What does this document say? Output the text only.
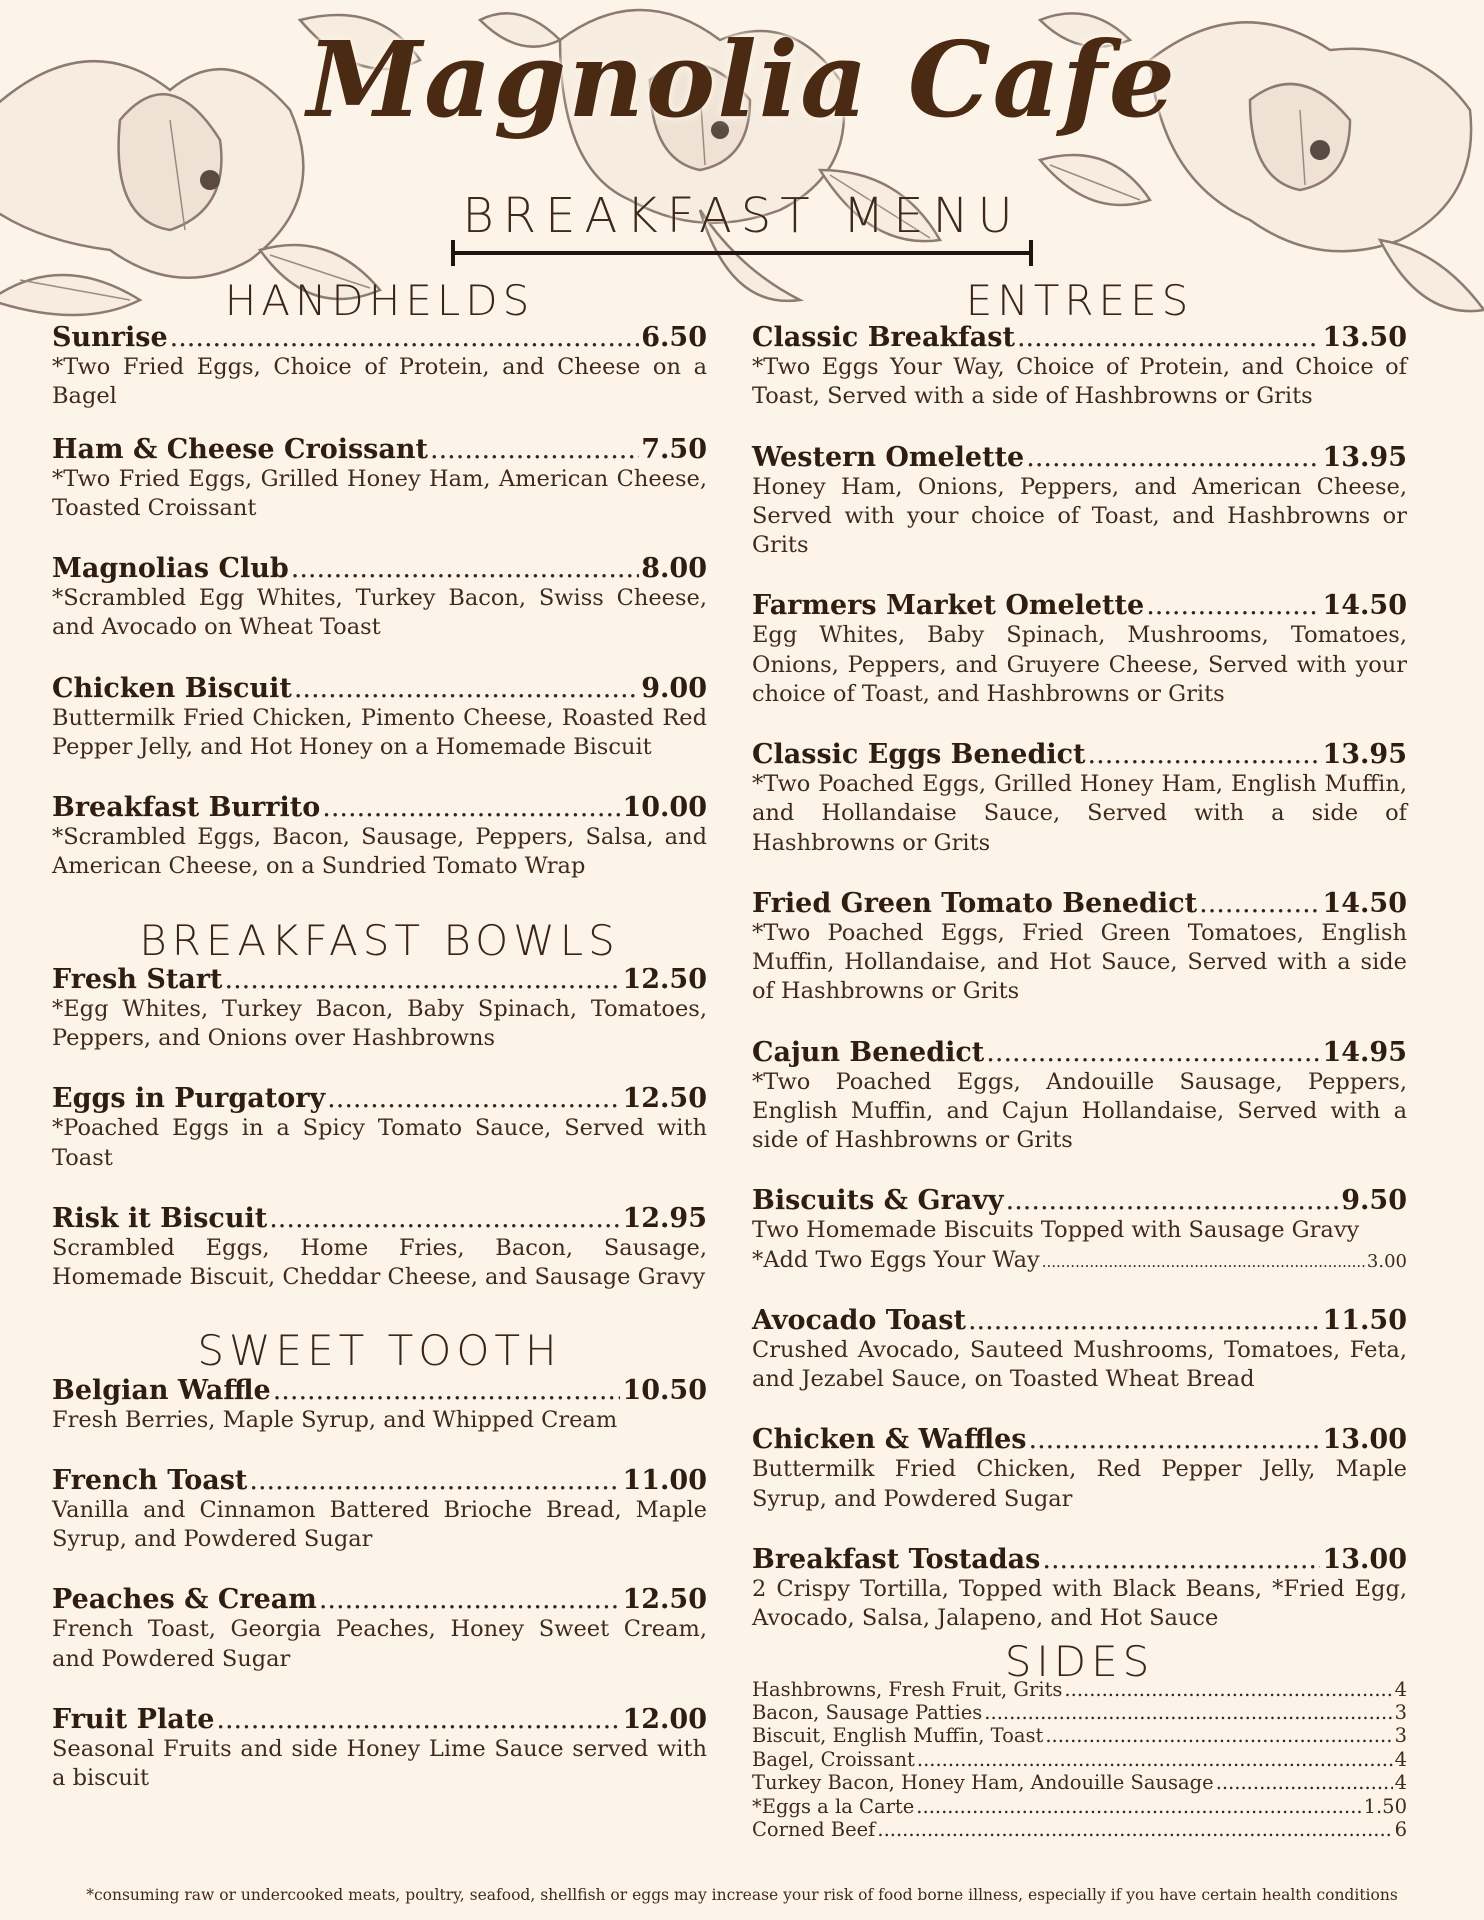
Magnolia Cafe
BREAKFAST MENU
HANDHELDS
Sunrise .....	6.50
*Two Fried Eggs, Choice of Protein, and Cheese on a Bagel
Ham & Cheese Croissant .....	7.50
*Two Fried Eggs, Grilled Honey Ham, American Cheese, Toasted Croissant
Magnolias Club .....	8.00
*Scrambled Egg Whites, Turkey Bacon, Swiss Cheese, and Avocado on Wheat Toast
Chicken Biscuit .....	9.00
Buttermilk Fried Chicken, Pimento Cheese, Roasted Red Pepper Jelly, and Hot Honey on a Homemade Biscuit
Breakfast Burrito .....	10.00
*Scrambled Eggs, Bacon, Sausage, Peppers, Salsa, and American Cheese, on a Sundried Tomato Wrap
BREAKFAST BOWLS
Fresh Start .....	12.50
*Egg Whites, Turkey Bacon, Baby Spinach, Tomatoes, Peppers, and Onions over Hashbrowns
Eggs in Purgatory .....	12.50
*Poached Eggs in a Spicy Tomato Sauce, Served with Toast
Risk it Biscuit .....	12.95
Scrambled Eggs, Home Fries, Bacon, Sausage, Homemade Biscuit, Cheddar Cheese, and Sausage Gravy
SWEET TOOTH
Belgian Waffle .....	10.50
Fresh Berries, Maple Syrup, and Whipped Cream
French Toast .....	11.00
Vanilla and Cinnamon Battered Brioche Bread, Maple Syrup, and Powdered Sugar
Peaches & Cream .....	12.50
French Toast, Georgia Peaches, Honey Sweet Cream, and Powdered Sugar
Fruit Plate .....	12.00
Seasonal Fruits and side Honey Lime Sauce served with a biscuit
ENTREES
Classic Breakfast .....	13.50
*Two Eggs Your Way, Choice of Protein, and Choice of Toast, Served with a side of Hashbrowns or Grits
Western Omelette .....	13.95
Honey Ham, Onions, Peppers, and American Cheese, Served with your choice of Toast, and Hashbrowns or Grits
Farmers Market Omelette .....	14.50
Egg Whites, Baby Spinach, Mushrooms, Tomatoes, Onions, Peppers, and Gruyere Cheese, Served with your choice of Toast, and Hashbrowns or Grits
Classic Eggs Benedict .....	13.95
*Two Poached Eggs, Grilled Honey Ham, English Muffin, and Hollandaise Sauce, Served with a side of Hashbrowns or Grits
Fried Green Tomato Benedict .....	14.50
*Two Poached Eggs, Fried Green Tomatoes, English Muffin, Hollandaise, and Hot Sauce, Served with a side of Hashbrowns or Grits
Cajun Benedict .....	14.95
*Two Poached Eggs, Andouille Sausage, Peppers, English Muffin, and Cajun Hollandaise, Served with a side of Hashbrowns or Grits
Biscuits & Gravy .....	9.50
Two Homemade Biscuits Topped with Sausage Gravy
*Add Two Eggs Your Way .....	3.00
Avocado Toast .....	11.50
Crushed Avocado, Sauteed Mushrooms, Tomatoes, Feta, and Jezabel Sauce, on Toasted Wheat Bread
Chicken & Waffles .....	13.00
Buttermilk Fried Chicken, Red Pepper Jelly, Maple Syrup, and Powdered Sugar
Breakfast Tostadas .....	13.00
2 Crispy Tortilla, Topped with Black Beans, *Fried Egg, Avocado, Salsa, Jalapeno, and Hot Sauce
SIDES
Hashbrowns, Fresh Fruit, Grits .....	4
Bacon, Sausage Patties .....	3
Biscuit, English Muffin, Toast .....	3
Bagel, Croissant .....	4
Turkey Bacon, Honey Ham, Andouille Sausage .....	4
*Eggs a la Carte .....	1.50
Corned Beef .....	6
*consuming raw or undercooked meats, poultry, seafood, shellfish or eggs may increase your risk of food borne illness, especially if you have certain health conditions
